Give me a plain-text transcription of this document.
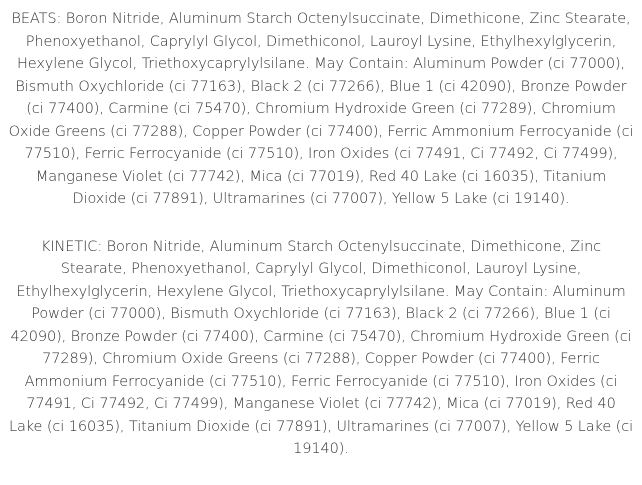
BEATS: Boron Nitride, Aluminum Starch Octenylsuccinate, Dimethicone, Zinc Stearate, Phenoxyethanol, Caprylyl Glycol, Dimethiconol, Lauroyl Lysine, Ethylhexylglycerin, Hexylene Glycol, Triethoxycaprylylsilane. May Contain: Aluminum Powder (ci 77000), Bismuth Oxychloride (ci 77163), Black 2 (ci 77266), Blue 1 (ci 42090), Bronze Powder (ci 77400), Carmine (ci 75470), Chromium Hydroxide Green (ci 77289), Chromium Oxide Greens (ci 77288), Copper Powder (ci 77400), Ferric Ammonium Ferrocyanide (ci 77510), Ferric Ferrocyanide (ci 77510), Iron Oxides (ci 77491, Ci 77492, Ci 77499), Manganese Violet (ci 77742), Mica (ci 77019), Red 40 Lake (ci 16035), Titanium Dioxide (ci 77891), Ultramarines (ci 77007), Yellow 5 Lake (ci 19140).

KINETIC: Boron Nitride, Aluminum Starch Octenylsuccinate, Dimethicone, Zinc Stearate, Phenoxyethanol, Caprylyl Glycol, Dimethiconol, Lauroyl Lysine, Ethylhexylglycerin, Hexylene Glycol, Triethoxycaprylylsilane. May Contain: Aluminum Powder (ci 77000), Bismuth Oxychloride (ci 77163), Black 2 (ci 77266), Blue 1 (ci 42090), Bronze Powder (ci 77400), Carmine (ci 75470), Chromium Hydroxide Green (ci 77289), Chromium Oxide Greens (ci 77288), Copper Powder (ci 77400), Ferric Ammonium Ferrocyanide (ci 77510), Ferric Ferrocyanide (ci 77510), Iron Oxides (ci 77491, Ci 77492, Ci 77499), Manganese Violet (ci 77742), Mica (ci 77019), Red 40 Lake (ci 16035), Titanium Dioxide (ci 77891), Ultramarines (ci 77007), Yellow 5 Lake (ci 19140).
